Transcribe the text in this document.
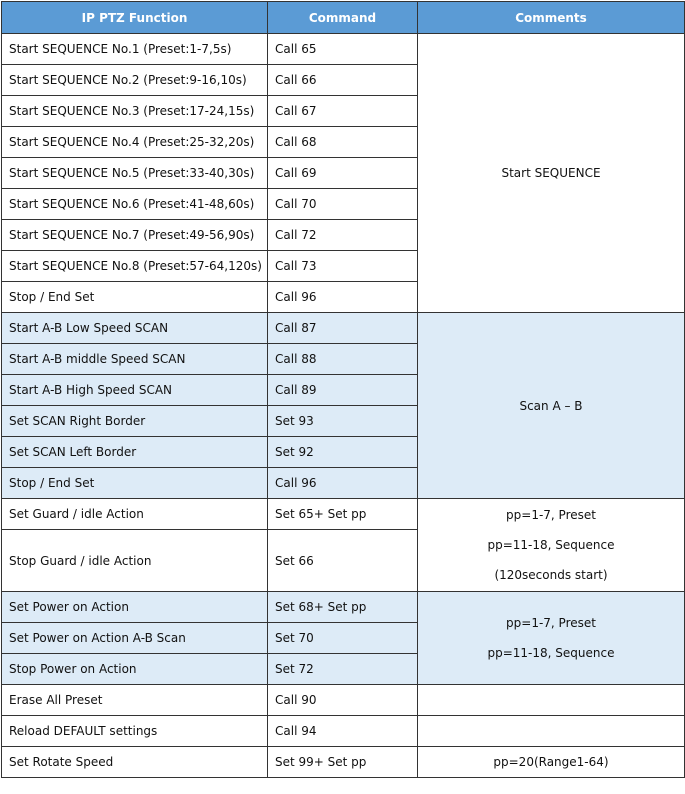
IP PTZ Function	Command	Comments
Start SEQUENCE No.1 (Preset:1-7,5s)	Call 65	Start SEQUENCE
Start SEQUENCE No.2 (Preset:9-16,10s)	Call 66	
Start SEQUENCE No.3 (Preset:17-24,15s)	Call 67	
Start SEQUENCE No.4 (Preset:25-32,20s)	Call 68	
Start SEQUENCE No.5 (Preset:33-40,30s)	Call 69	
Start SEQUENCE No.6 (Preset:41-48,60s)	Call 70	
Start SEQUENCE No.7 (Preset:49-56,90s)	Call 72	
Start SEQUENCE No.8 (Preset:57-64,120s)	Call 73	
Stop / End Set	Call 96	
Start A-B Low Speed SCAN	Call 87	Scan A – B
Start A-B middle Speed SCAN	Call 88	
Start A-B High Speed SCAN	Call 89	
Set SCAN Right Border	Set 93	
Set SCAN Left Border	Set 92	
Stop / End Set	Call 96	
Set Guard / idle Action	Set 65+ Set pp	pp=1-7, Preset
pp=11-18, Sequence
(120seconds start)

Stop Guard / idle Action	Set 66	
Set Power on Action	Set 68+ Set pp	pp=1-7, Preset
pp=11-18, Sequence

Set Power on Action A-B Scan	Set 70	
Stop Power on Action	Set 72	
Erase All Preset	Call 90	
Reload DEFAULT settings	Call 94	
Set Rotate Speed	Set 99+ Set pp	pp=20(Range1-64)
